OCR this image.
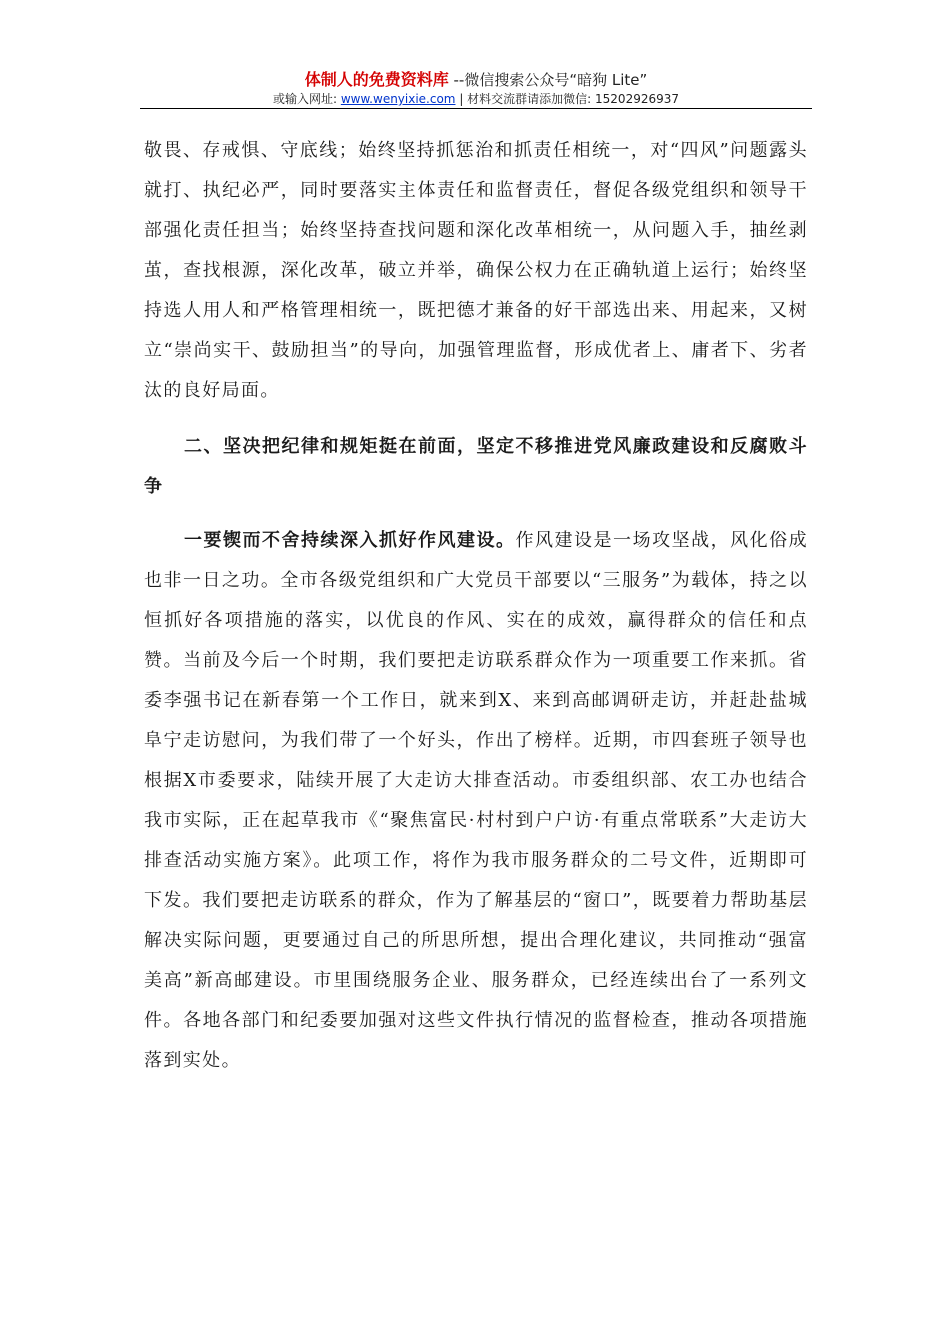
体制人的免费资料库 --微信搜索公众号“暗狗 Lite”
或输入网址: www.wenyixie.com | 材料交流群请添加微信: 15202926937

敬畏、存戒惧、守底线；始终坚持抓惩治和抓责任相统一，对“四风”问题露头就打、执纪必严，同时要落实主体责任和监督责任，督促各级党组织和领导干部强化责任担当；始终坚持查找问题和深化改革相统一，从问题入手，抽丝剥茧，查找根源，深化改革，破立并举，确保公权力在正确轨道上运行；始终坚持选人用人和严格管理相统一，既把德才兼备的好干部选出来、用起来，又树立“崇尚实干、鼓励担当”的导向，加强管理监督，形成优者上、庸者下、劣者汰的良好局面。

二、坚决把纪律和规矩挺在前面，坚定不移推进党风廉政建设和反腐败斗争

一要锲而不舍持续深入抓好作风建设。作风建设是一场攻坚战，风化俗成也非一日之功。全市各级党组织和广大党员干部要以“三服务”为载体，持之以恒抓好各项措施的落实，以优良的作风、实在的成效，赢得群众的信任和点赞。当前及今后一个时期，我们要把走访联系群众作为一项重要工作来抓。省委李强书记在新春第一个工作日，就来到X、来到高邮调研走访，并赶赴盐城阜宁走访慰问，为我们带了一个好头，作出了榜样。近期，市四套班子领导也根据X市委要求，陆续开展了大走访大排查活动。市委组织部、农工办也结合我市实际，正在起草我市《“聚焦富民·村村到户户访·有重点常联系”大走访大排查活动实施方案》。此项工作，将作为我市服务群众的二号文件，近期即可下发。我们要把走访联系的群众，作为了解基层的“窗口”，既要着力帮助基层解决实际问题，更要通过自己的所思所想，提出合理化建议，共同推动“强富美高”新高邮建设。市里围绕服务企业、服务群众，已经连续出台了一系列文件。各地各部门和纪委要加强对这些文件执行情况的监督检查，推动各项措施落到实处。
